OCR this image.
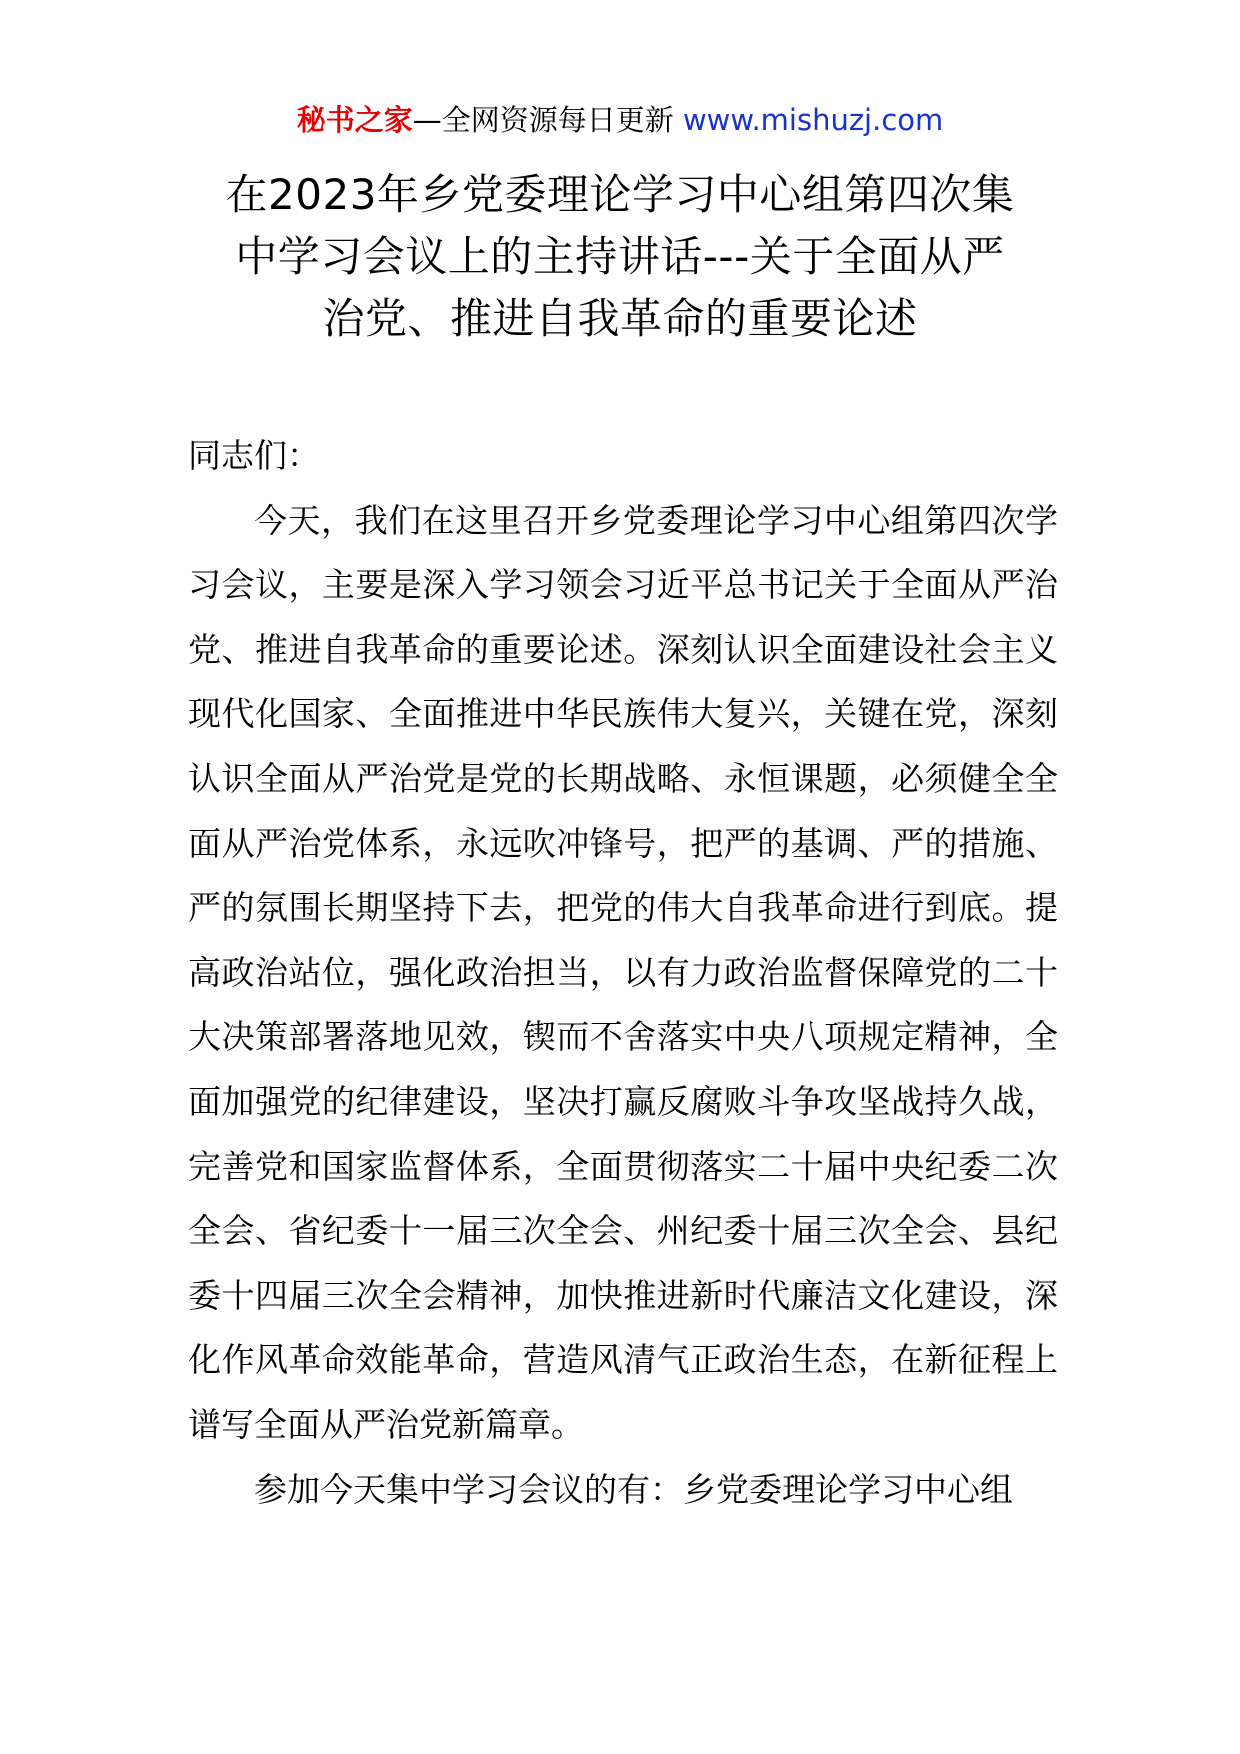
秘书之家—全网资源每日更新 www.mishuzj.com
在2023年乡党委理论学习中心组第四次集
中学习会议上的主持讲话---关于全面从严
治党、推进自我革命的重要论述

同志们：

今天，我们在这里召开乡党委理论学习中心组第四次学习会议，主要是深入学习领会习近平总书记关于全面从严治党、推进自我革命的重要论述。深刻认识全面建设社会主义现代化国家、全面推进中华民族伟大复兴，关键在党，深刻认识全面从严治党是党的长期战略、永恒课题，必须健全全面从严治党体系，永远吹冲锋号，把严的基调、严的措施、严的氛围长期坚持下去，把党的伟大自我革命进行到底。提高政治站位，强化政治担当，以有力政治监督保障党的二十大决策部署落地见效，锲而不舍落实中央八项规定精神，全面加强党的纪律建设，坚决打赢反腐败斗争攻坚战持久战，完善党和国家监督体系，全面贯彻落实二十届中央纪委二次全会、省纪委十一届三次全会、州纪委十届三次全会、县纪委十四届三次全会精神，加快推进新时代廉洁文化建设，深化作风革命效能革命，营造风清气正政治生态，在新征程上谱写全面从严治党新篇章。

参加今天集中学习会议的有：乡党委理论学习中心组
